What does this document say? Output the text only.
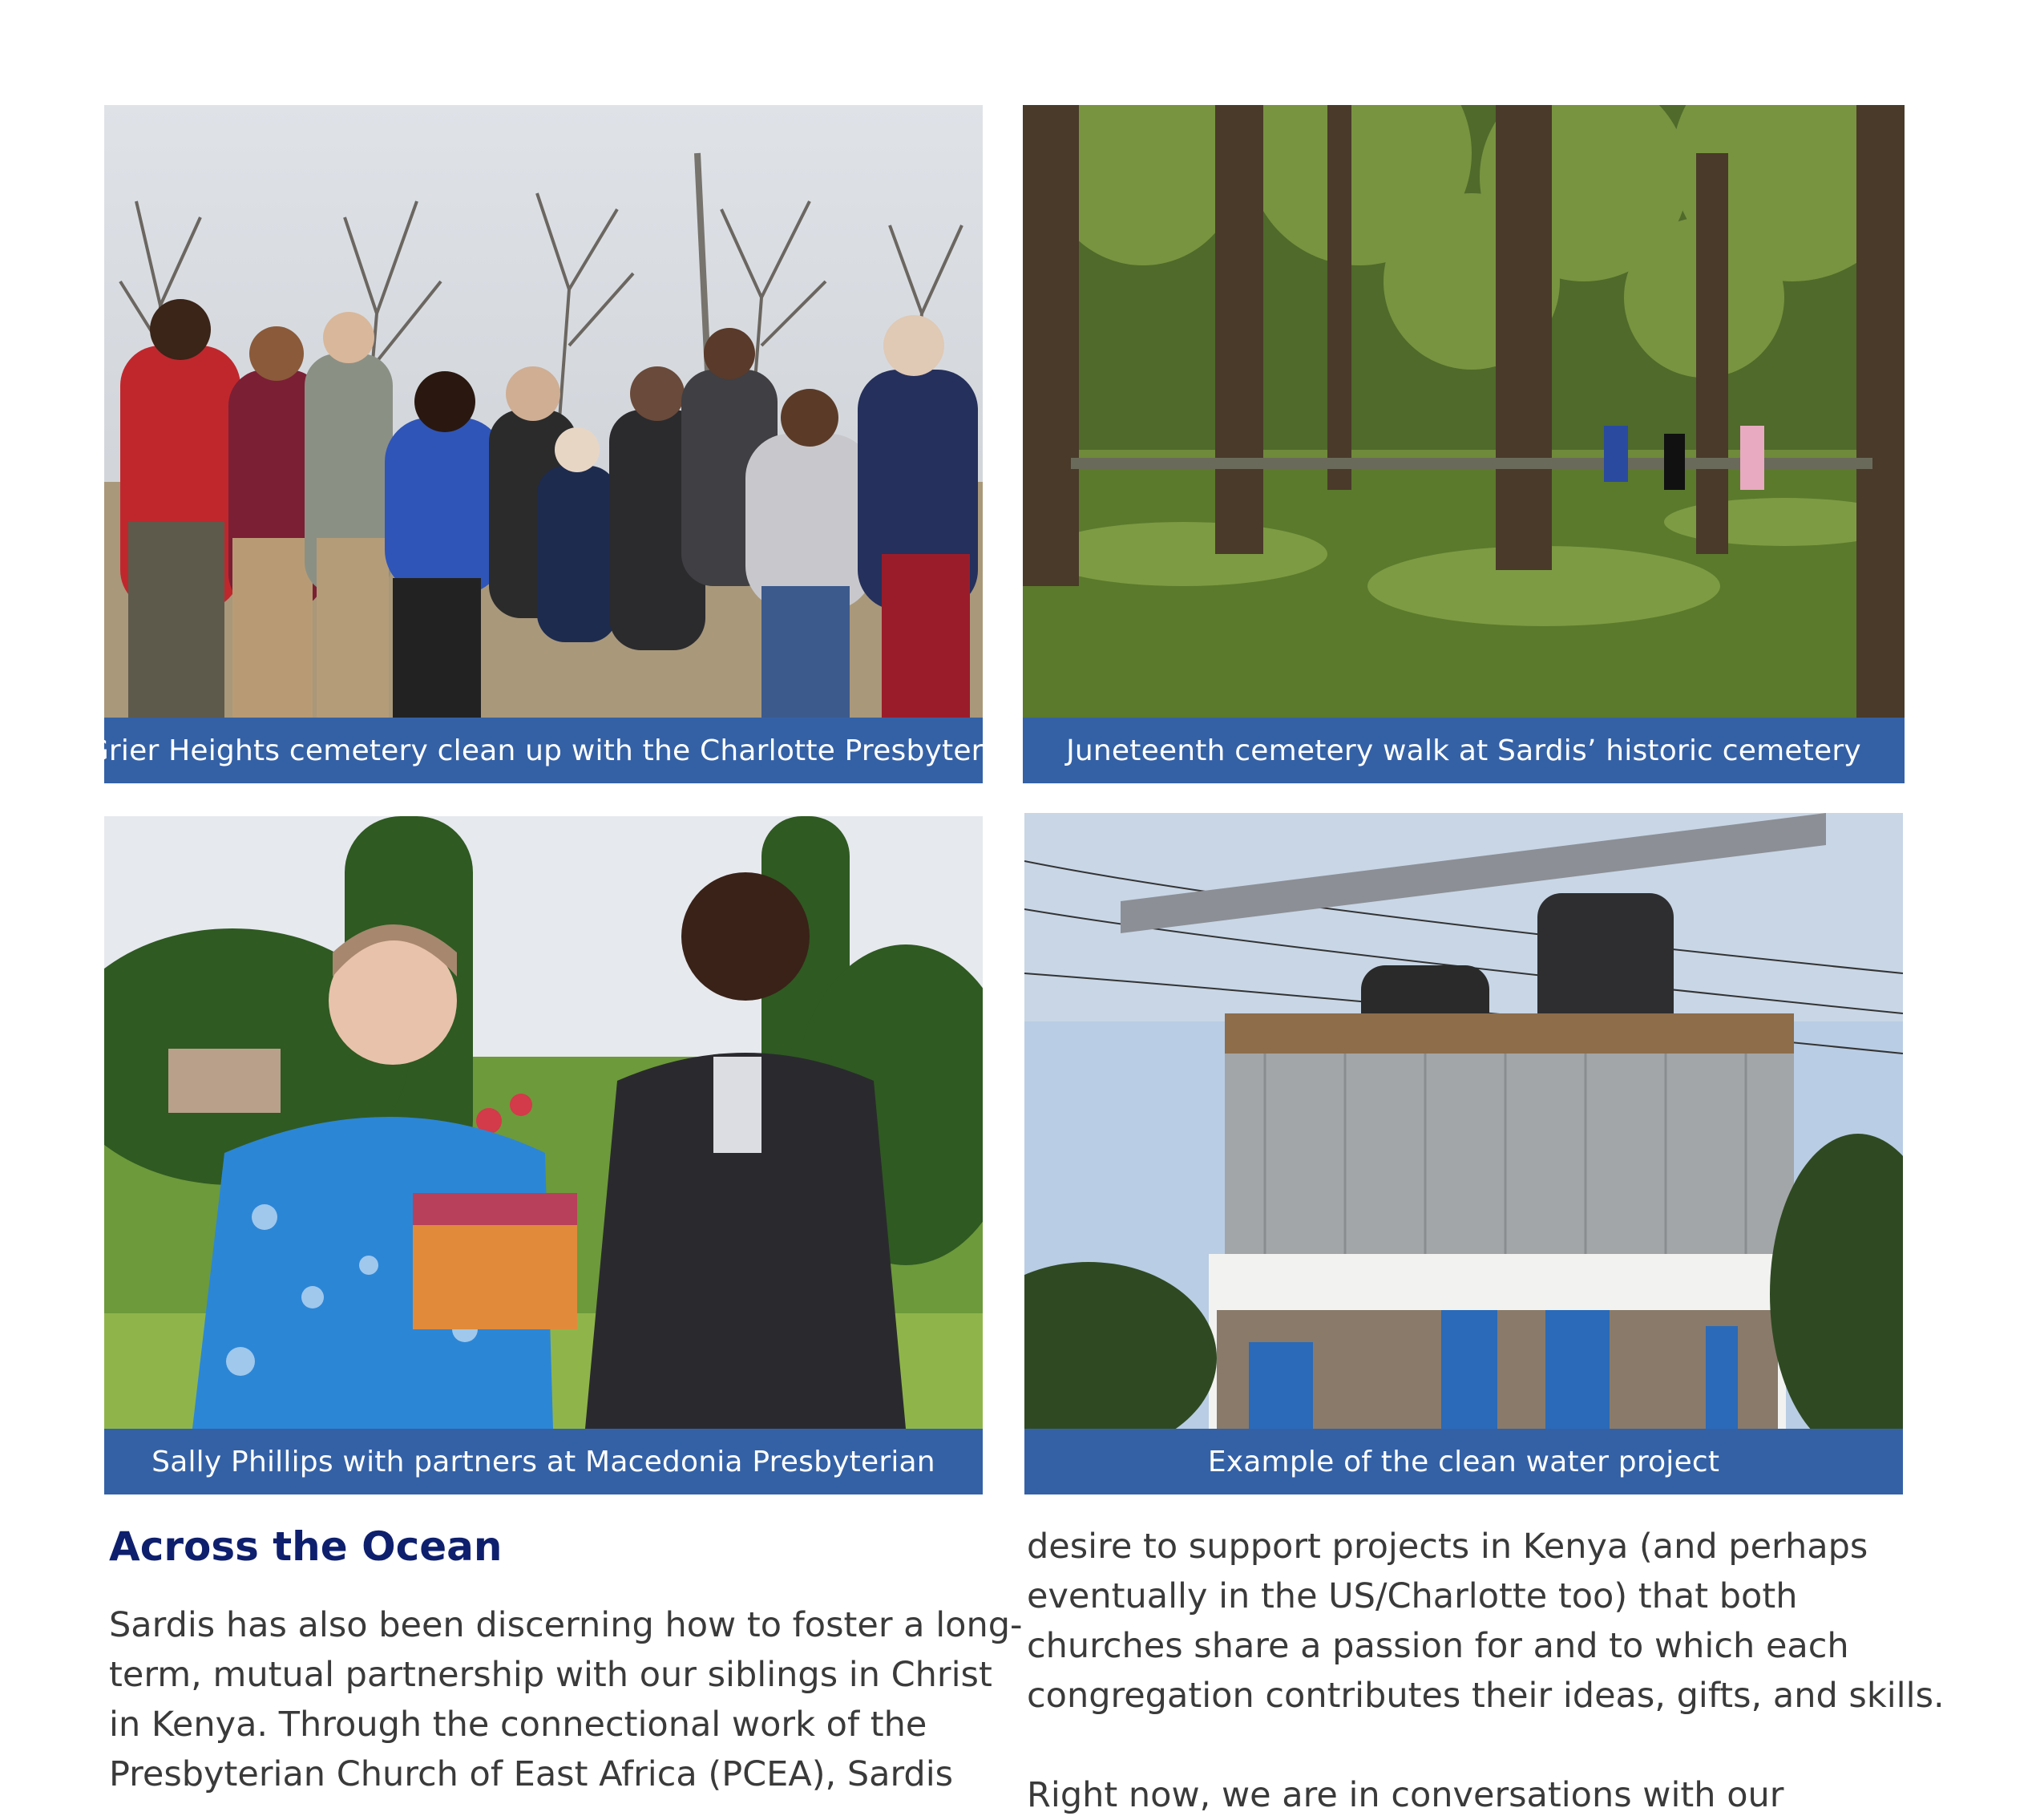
Grier Heights cemetery clean up with the Charlotte Presbytery	Juneteenth cemetery walk at Sardis’ historic cemetery
Sally Phillips with partners at Macedonia Presbyterian	Example of the clean water project
Across the Ocean
Sardis has also been discerning how to foster a long-
term, mutual partnership with our siblings in Christ
in Kenya. Through the connectional work of the
Presbyterian Church of East Africa (PCEA), Sardis
desire to support projects in Kenya (and perhaps
eventually in the US/Charlotte too) that both
churches share a passion for and to which each
congregation contributes their ideas, gifts, and skills.
Right now, we are in conversations with our
